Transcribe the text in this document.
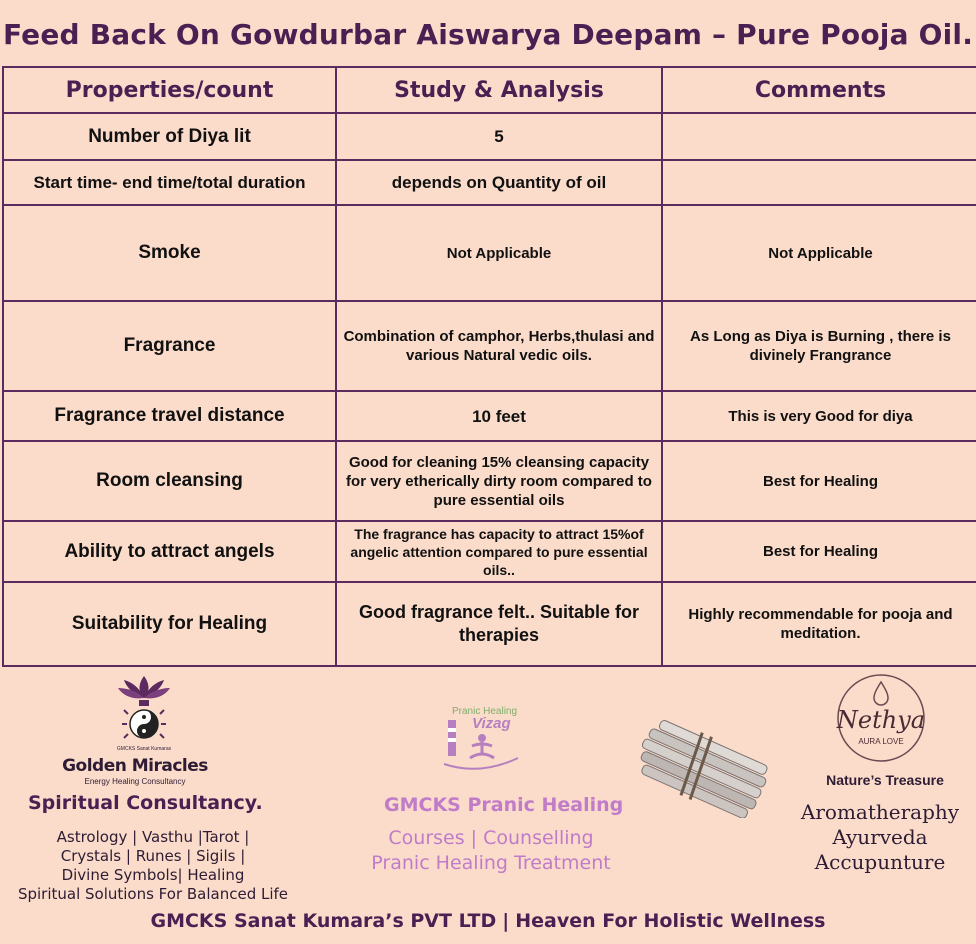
Feed Back On Gowdurbar Aiswarya Deepam – Pure Pooja Oil.
Properties/count	Study & Analysis	Comments
Number of Diya lit	5	
Start time- end time/total duration	depends on Quantity of oil	
Smoke	Not Applicable	Not Applicable
Fragrance	Combination of camphor, Herbs,thulasi and various Natural vedic oils.	As Long as Diya is Burning , there is divinely Frangrance
Fragrance travel distance	10 feet	This is very Good for diya
Room cleansing	Good for cleaning 15% cleansing capacity for very etherically dirty room compared to pure essential oils	Best for Healing
Ability to attract angels	The fragrance has capacity to attract 15%of angelic attention compared to pure essential oils..	Best for Healing
Suitability for Healing	Good fragrance felt.. Suitable for therapies	Highly recommendable for pooja and meditation.
GMCKS Sanat Kumaras
Golden Miracles
Energy Healing Consultancy
Spiritual Consultancy.
Astrology | Vasthu |Tarot |
Crystals | Runes | Sigils |
Divine Symbols| Healing
Spiritual Solutions For Balanced Life
Pranic Healing
Vizag
GMCKS Pranic Healing
Courses | Counselling
Pranic Healing Treatment
Nethya
AURA LOVE
Nature’s Treasure
Aromatheraphy
Ayurveda
Accupunture
GMCKS Sanat Kumara’s PVT LTD | Heaven For Holistic Wellness
